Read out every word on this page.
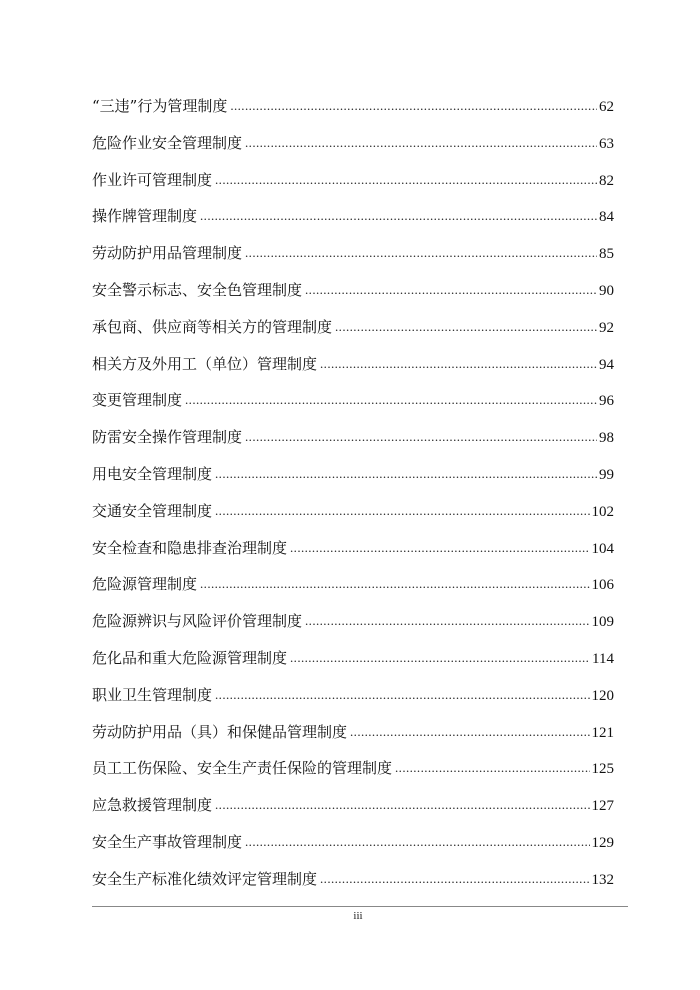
“三违”行为管理制度 .....	62
危险作业安全管理制度 .....	63
作业许可管理制度 .....	82
操作牌管理制度 .....	84
劳动防护用品管理制度 .....	85
安全警示标志、安全色管理制度 .....	90
承包商、供应商等相关方的管理制度 .....	92
相关方及外用工（单位）管理制度 .....	94
变更管理制度 .....	96
防雷安全操作管理制度 .....	98
用电安全管理制度 .....	99
交通安全管理制度 .....	102
安全检查和隐患排查治理制度 .....	104
危险源管理制度 .....	106
危险源辨识与风险评价管理制度 .....	109
危化品和重大危险源管理制度 .....	114
职业卫生管理制度 .....	120
劳动防护用品（具）和保健品管理制度 .....	121
员工工伤保险、安全生产责任保险的管理制度 .....	125
应急救援管理制度 .....	127
安全生产事故管理制度 .....	129
安全生产标准化绩效评定管理制度 .....	132
iii
